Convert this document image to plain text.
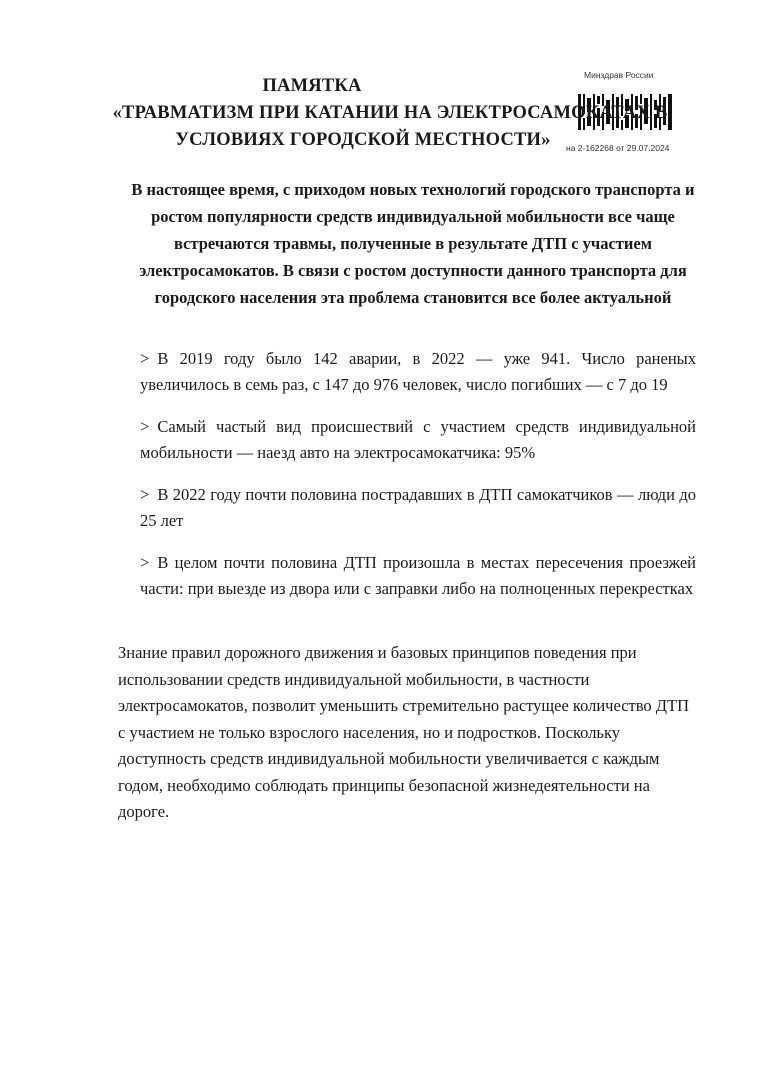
Минздрав России
на 2-162268 от 29.07.2024
ПАМЯТКА
«ТРАВМАТИЗМ ПРИ КАТАНИИ НА ЭЛЕКТРОСАМОКАТАХ В
УСЛОВИЯХ ГОРОДСКОЙ МЕСТНОСТИ»
В настоящее время, с приходом новых технологий городского транспорта и ростом популярности средств индивидуальной мобильности все чаще встречаются травмы, полученные в результате ДТП с участием электросамокатов. В связи с ростом доступности данного транспорта для городского населения эта проблема становится все более актуальной
> В 2019 году было 142 аварии, в 2022 — уже 941. Число раненых увеличилось в семь раз, с 147 до 976 человек, число погибших — с 7 до 19
> Самый частый вид происшествий с участием средств индивидуальной мобильности — наезд авто на электросамокатчика: 95%
> В 2022 году почти половина пострадавших в ДТП самокатчиков — люди до 25 лет
> В целом почти половина ДТП произошла в местах пересечения проезжей части: при выезде из двора или с заправки либо на полноценных перекрестках
Знание правил дорожного движения и базовых принципов поведения при использовании средств индивидуальной мобильности, в частности электросамокатов, позволит уменьшить стремительно растущее количество ДТП с участием не только взрослого населения, но и подростков. Поскольку доступность средств индивидуальной мобильности увеличивается с каждым годом, необходимо соблюдать принципы безопасной жизнедеятельности на дороге.
